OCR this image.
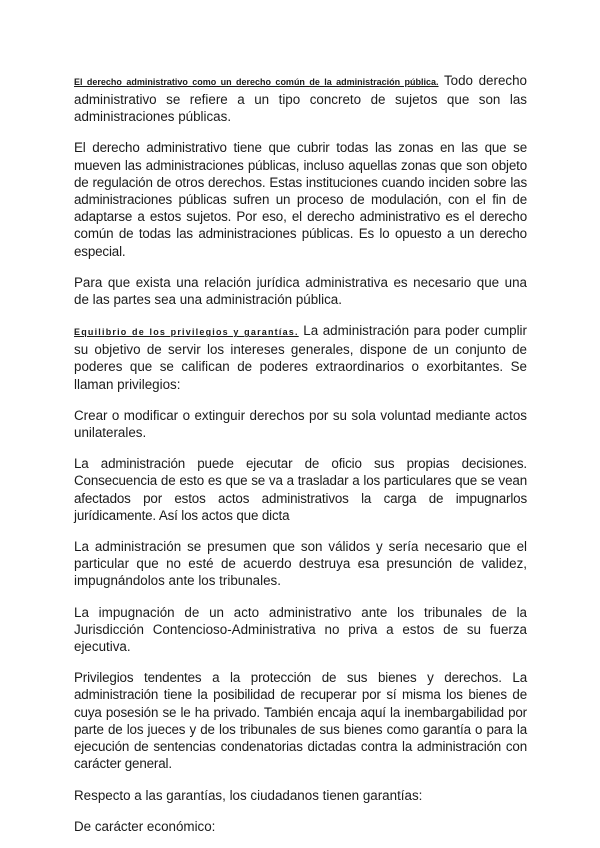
El derecho administrativo como un derecho común de la administración pública. Todo derecho administrativo se refiere a un tipo concreto de sujetos que son las administraciones públicas.

El derecho administrativo tiene que cubrir todas las zonas en las que se mueven las administraciones públicas, incluso aquellas zonas que son objeto de regulación de otros derechos. Estas instituciones cuando inciden sobre las administraciones públicas sufren un proceso de modulación, con el fin de adaptarse a estos sujetos. Por eso, el derecho administrativo es el derecho común de todas las administraciones públicas. Es lo opuesto a un derecho especial.

Para que exista una relación jurídica administrativa es necesario que una de las partes sea una administración pública.

Equilibrio de los privilegios y garantías. La administración para poder cumplir su objetivo de servir los intereses generales, dispone de un conjunto de poderes que se califican de poderes extraordinarios o exorbitantes. Se llaman privilegios:

Crear o modificar o extinguir derechos por su sola voluntad mediante actos unilaterales.

La administración puede ejecutar de oficio sus propias decisiones. Consecuencia de esto es que se va a trasladar a los particulares que se vean afectados por estos actos administrativos la carga de impugnarlos jurídicamente. Así los actos que dicta

La administración se presumen que son válidos y sería necesario que el particular que no esté de acuerdo destruya esa presunción de validez, impugnándolos ante los tribunales.

La impugnación de un acto administrativo ante los tribunales de la Jurisdicción Contencioso-Administrativa no priva a estos de su fuerza ejecutiva.

Privilegios tendentes a la protección de sus bienes y derechos. La administración tiene la posibilidad de recuperar por sí misma los bienes de cuya posesión se le ha privado. También encaja aquí la inembargabilidad por parte de los jueces y de los tribunales de sus bienes como garantía o para la ejecución de sentencias condenatorias dictadas contra la administración con carácter general.

Respecto a las garantías, los ciudadanos tienen garantías:

De carácter económico:
